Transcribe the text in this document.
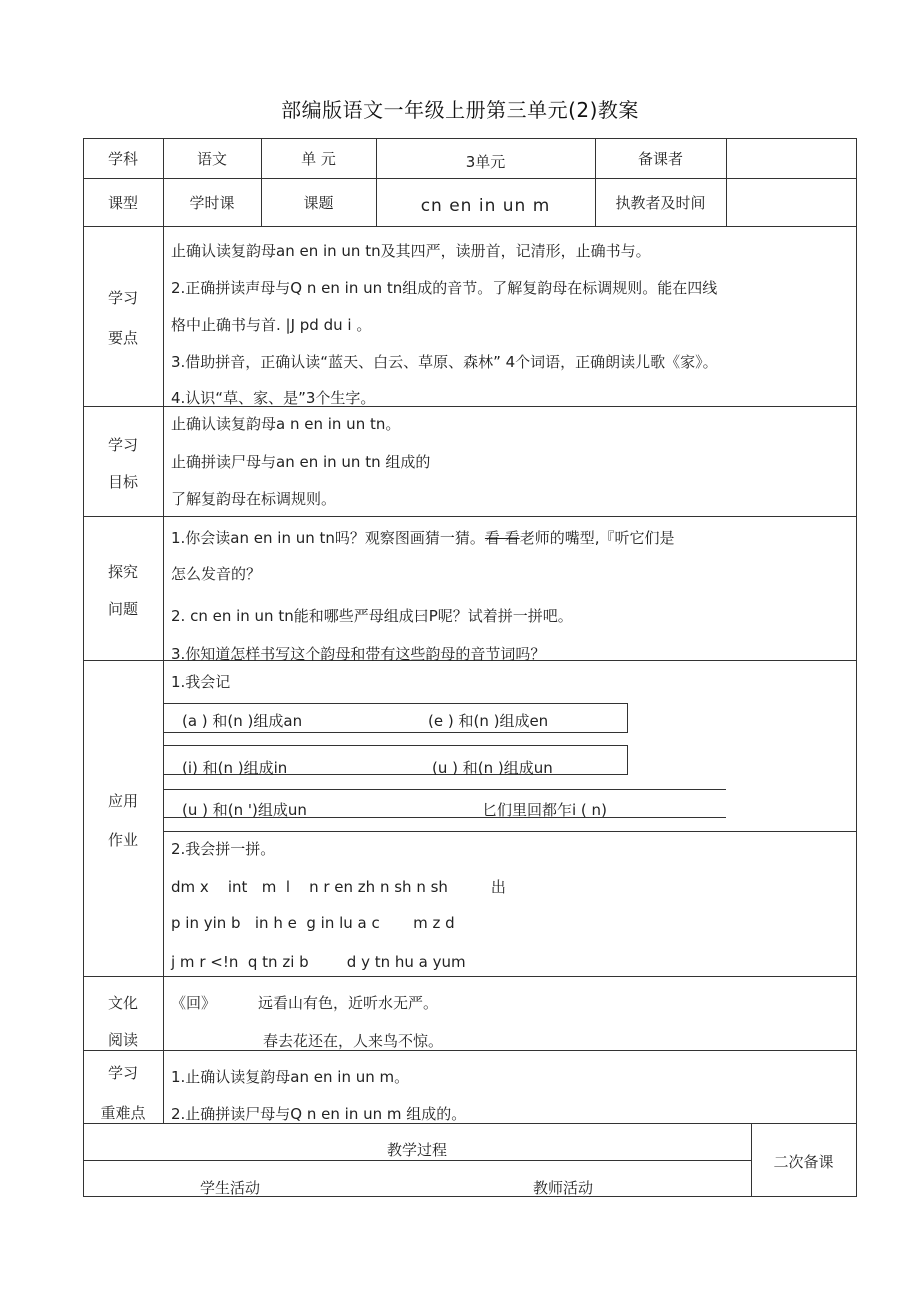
部编版语文一年级上册第三单元(2)教案
学科	语文	单 元	3单元	备课者
课型	学时课	课题	cn en in un m	执教者及时间
学习
要点
止确认读复韵母an en in un tn及其四严，读册首，记清形，止确书与。
2.正确拼读声母与Q n en in un tn组成的音节。了解复韵母在标调规则。能在四线
格中止确书与首. |J pd du i 。
3.借助拼音，正确认读“蓝天、白云、草原、森林” 4个词语，正确朗读儿歌《家》。
4.认识“草、家、是”3个生字。
学习
目标
止确认读复韵母a n en in un tn。
止确拼读尸母与an en in un tn 组成的
了解复韵母在标调规则。
探究
问题
1.你会读an en in un tn吗？观察图画猜一猜。看 看老师的嘴型,『听它们是
怎么发音的？
2. cn en in un tn能和哪些严母组成曰P呢？试着拼一拼吧。
3.你知道怎样书写这个韵母和带有这些韵母的音节词吗？
应用
作业
1.我会记
(a ) 和(n )组成an	(e ) 和(n )组成en
(i) 和(n )组成in	(u ) 和(n )组成un
(u ) 和(n ')组成un	匕们里回都乍i ( n)
2.我会拼一拼。
dm x    int   m  l    n r en zh n sh n sh         出
p in yin b   in h e  g in lu a c       m z d
j m r <!n  q tn zi b        d y tn hu a yum
文化
阅读
《回》	远看山有色，近听水无严。
春去花还在，人来鸟不惊。
学习
重难点
1.止确认读复韵母an en in un m。
2.止确拼读尸母与Q n en in un m 组成的。
教学过程
学生活动	教师活动
二次备课
